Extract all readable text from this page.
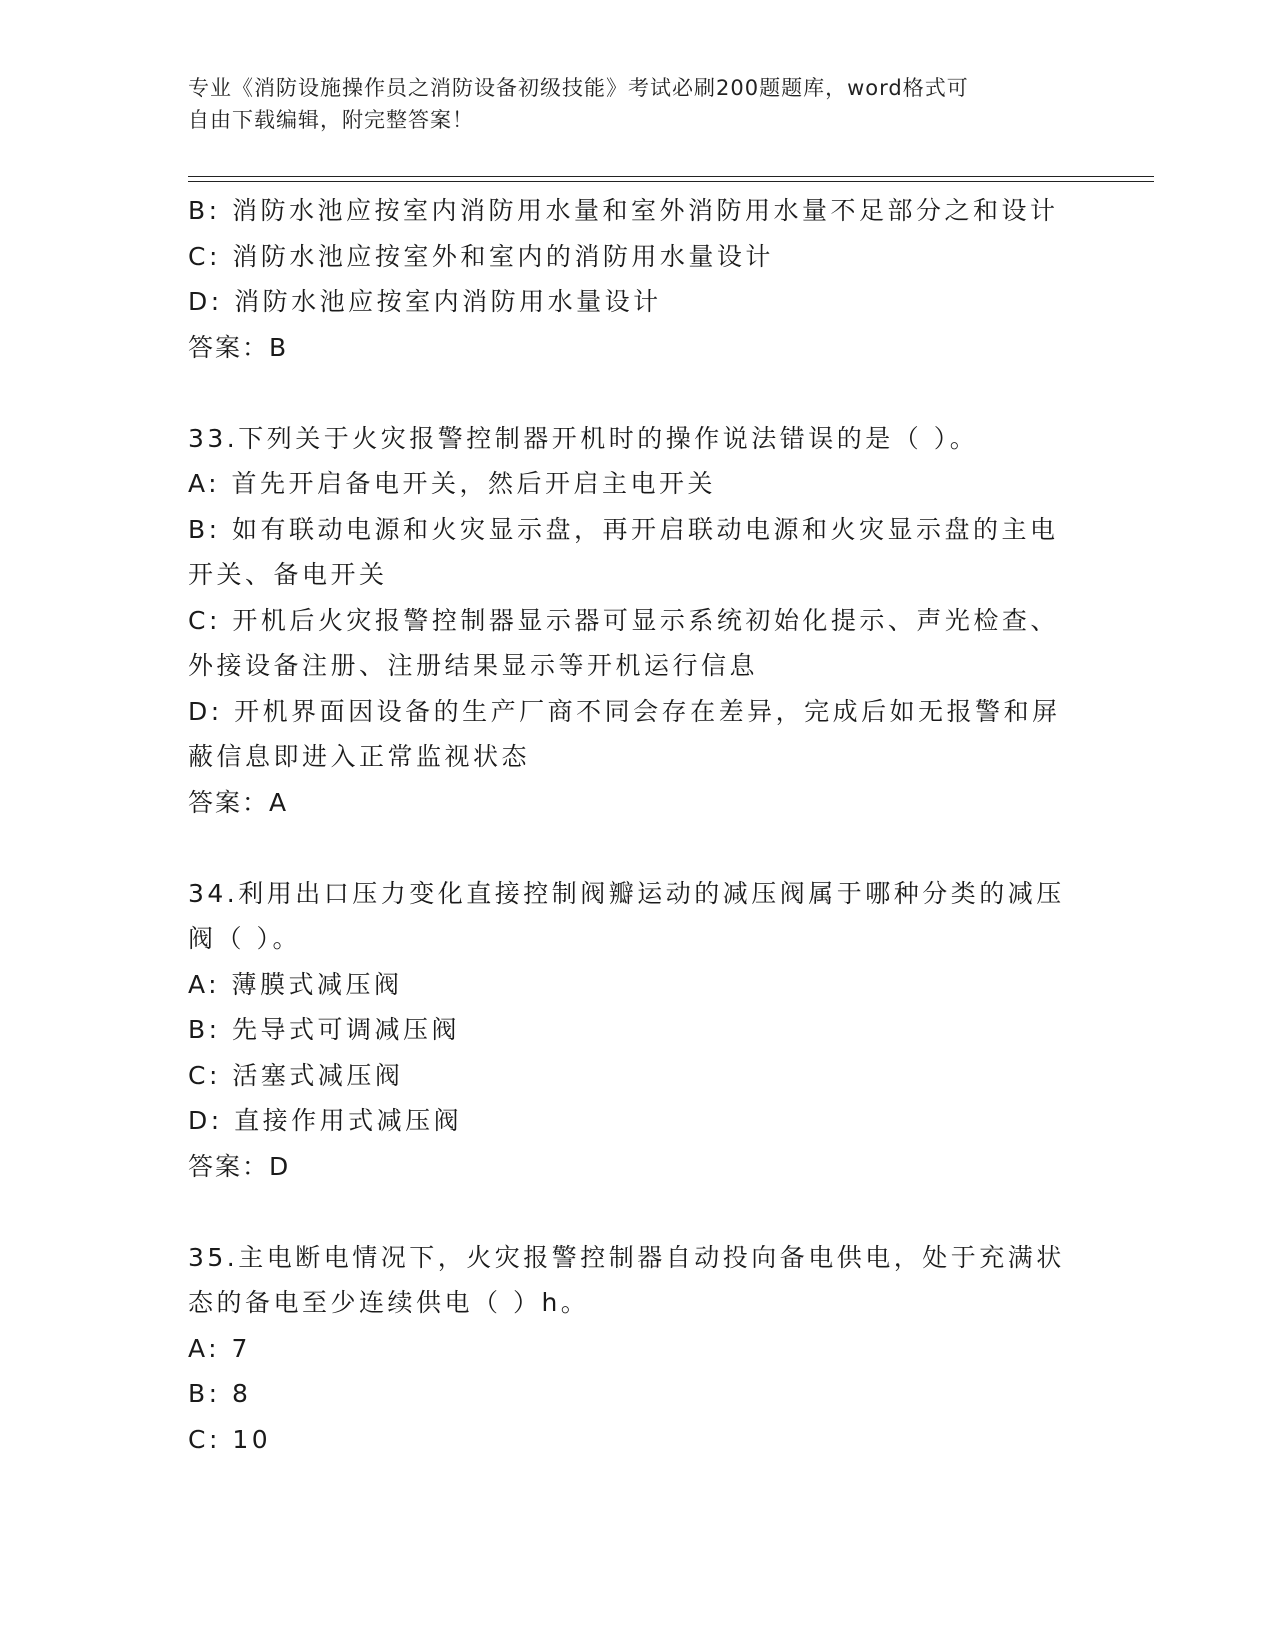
专业《消防设施操作员之消防设备初级技能》考试必刷200题题库，word格式可
自由下载编辑，附完整答案！
B: 消防水池应按室内消防用水量和室外消防用水量不足部分之和设计
C: 消防水池应按室外和室内的消防用水量设计
D: 消防水池应按室内消防用水量设计
答案：B
33.下列关于火灾报警控制器开机时的操作说法错误的是（ ）。
A: 首先开启备电开关，然后开启主电开关
B: 如有联动电源和火灾显示盘，再开启联动电源和火灾显示盘的主电
开关、备电开关
C: 开机后火灾报警控制器显示器可显示系统初始化提示、声光检查、
外接设备注册、注册结果显示等开机运行信息
D: 开机界面因设备的生产厂商不同会存在差异，完成后如无报警和屏
蔽信息即进入正常监视状态
答案：A
34.利用出口压力变化直接控制阀瓣运动的减压阀属于哪种分类的减压
阀（ ）。
A: 薄膜式减压阀
B: 先导式可调减压阀
C: 活塞式减压阀
D: 直接作用式减压阀
答案：D
35.主电断电情况下，火灾报警控制器自动投向备电供电，处于充满状
态的备电至少连续供电（ ）h。
A: 7
B: 8
C: 10
